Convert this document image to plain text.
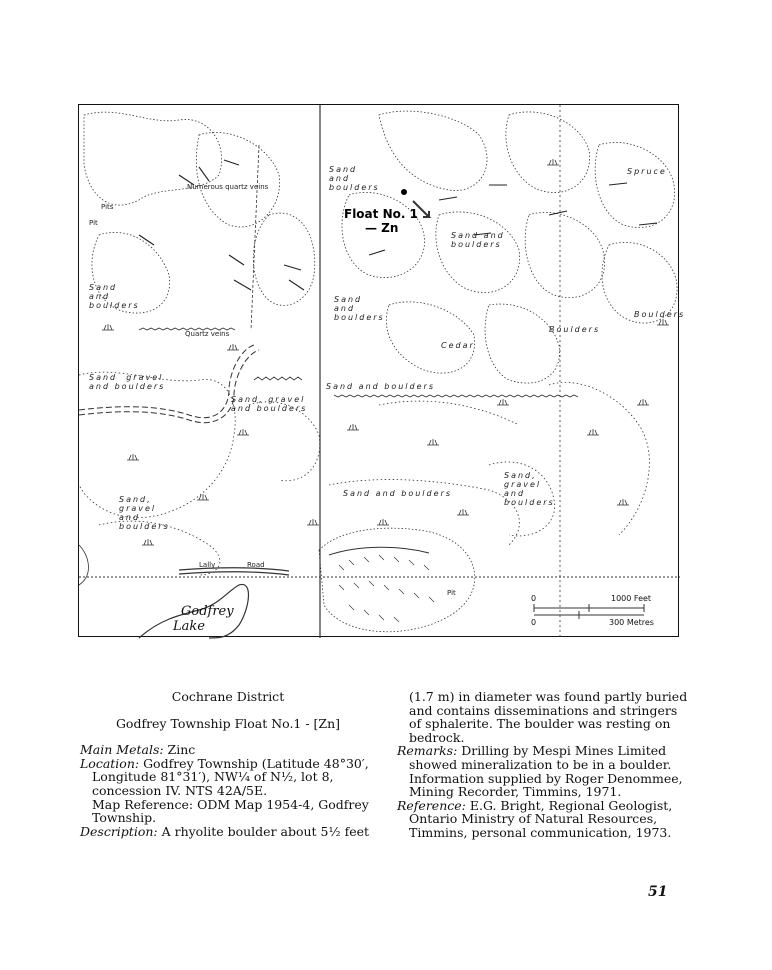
Sand
and
boulders
Sand
and
boulders
Sand and
boulders
Sand
and
boulders
Sand  gravel
and boulders
Sand, gravel
and boulders
Sand and boulders
Sand and boulders
Sand,
gravel
and
boulders
Sand,
gravel
and
boulders
Spruce
Cedar
Boulders
Boulders
Numerous quartz veins
Quartz veins
Pits
Pit
Pit
Lally	Road
Float No. 1
— Zn
Godfrey
Lake
0	1000 Feet
0	300 Metres
Cochrane District
Godfrey Township Float No.1 - [Zn]

Main Metals: Zinc

Location: Godfrey Township (Latitude 48°30′, Longitude 81°31′), NW¼ of N½, lot 8, concession IV. NTS 42A/5E.

Map Reference: ODM Map 1954-4, Godfrey Township.

Description: A rhyolite boulder about 5½ feet

(1.7 m) in diameter was found partly buried and contains disseminations and stringers of sphalerite. The boulder was resting on bedrock.

Remarks: Drilling by Mespi Mines Limited showed mineralization to be in a boulder. Information supplied by Roger Denommee, Mining Recorder, Timmins, 1971.

Reference: E.G. Bright, Regional Geologist, Ontario Ministry of Natural Resources, Timmins, personal communication, 1973.

51
